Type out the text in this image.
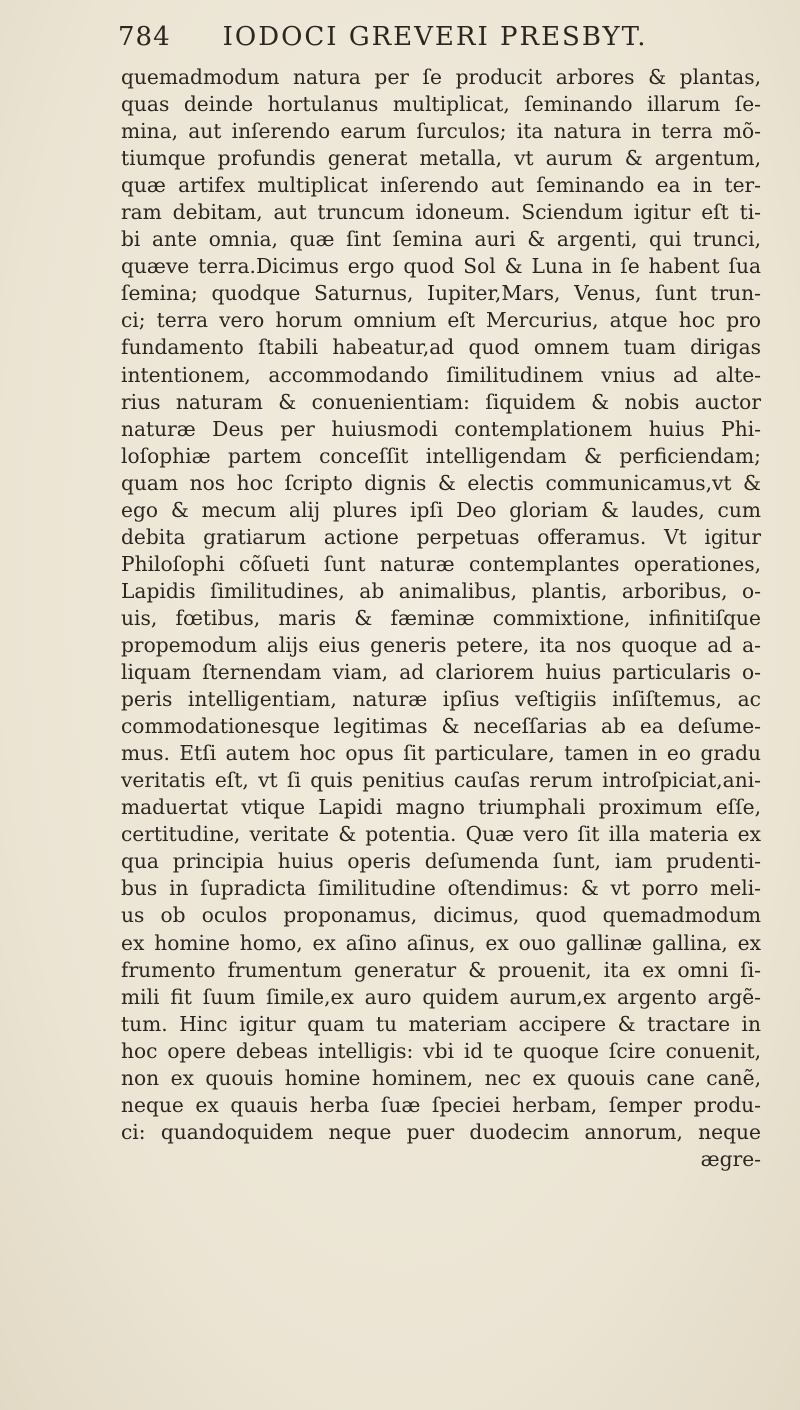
784 IODOCI GREVERI PRESBYT.
quemadmodum natura per ſe producit arbores & plantas,
quas deinde hortulanus multiplicat, ſeminando illarum ſe-
mina, aut inſerendo earum ſurculos; ita natura in terra mõ-
tiumque profundis generat metalla, vt aurum & argentum,
quæ artifex multiplicat inſerendo aut ſeminando ea in ter-
ram debitam, aut truncum idoneum. Sciendum igitur eſt ti-
bi ante omnia, quæ ſint ſemina auri & argenti, qui trunci,
quæve terra.Dicimus ergo quod Sol & Luna in ſe habent ſua
ſemina; quodque Saturnus, Iupiter,Mars, Venus, ſunt trun-
ci; terra vero horum omnium eſt Mercurius, atque hoc pro
fundamento ſtabili habeatur,ad quod omnem tuam dirigas
intentionem, accommodando ſimilitudinem vnius ad alte-
rius naturam & conuenientiam: ſiquidem & nobis auctor
naturæ Deus per huiusmodi contemplationem huius Phi-
loſophiæ partem conceſſit intelligendam & perficiendam;
quam nos hoc ſcripto dignis & electis communicamus,vt &
ego & mecum alij plures ipſi Deo gloriam & laudes, cum
debita gratiarum actione perpetuas offeramus. Vt igitur
Philoſophi cõſueti ſunt naturæ contemplantes operationes,
Lapidis ſimilitudines, ab animalibus, plantis, arboribus, o-
uis, fœtibus, maris & fæminæ commixtione, infinitiſque
propemodum alijs eius generis petere, ita nos quoque ad a-
liquam ſternendam viam, ad clariorem huius particularis o-
peris intelligentiam, naturæ ipſius veſtigiis inſiſtemus, ac
commodationesque legitimas & neceſſarias ab ea deſume-
mus. Etſi autem hoc opus ſit particulare, tamen in eo gradu
veritatis eſt, vt ſi quis penitius cauſas rerum introſpiciat,ani-
maduertat vtique Lapidi magno triumphali proximum eſſe,
certitudine, veritate & potentia. Quæ vero ſit illa materia ex
qua principia huius operis deſumenda ſunt, iam prudenti-
bus in ſupradicta ſimilitudine oſtendimus: & vt porro meli-
us ob oculos proponamus, dicimus, quod quemadmodum
ex homine homo, ex aſino aſinus, ex ouo gallinæ gallina, ex
frumento frumentum generatur & prouenit, ita ex omni ſi-
mili fit ſuum ſimile,ex auro quidem aurum,ex argento argẽ-
tum. Hinc igitur quam tu materiam accipere & tractare in
hoc opere debeas intelligis: vbi id te quoque ſcire conuenit,
non ex quouis homine hominem, nec ex quouis cane canẽ,
neque ex quauis herba ſuæ ſpeciei herbam, ſemper produ-
ci: quandoquidem neque puer duodecim annorum, neque
ægre-
